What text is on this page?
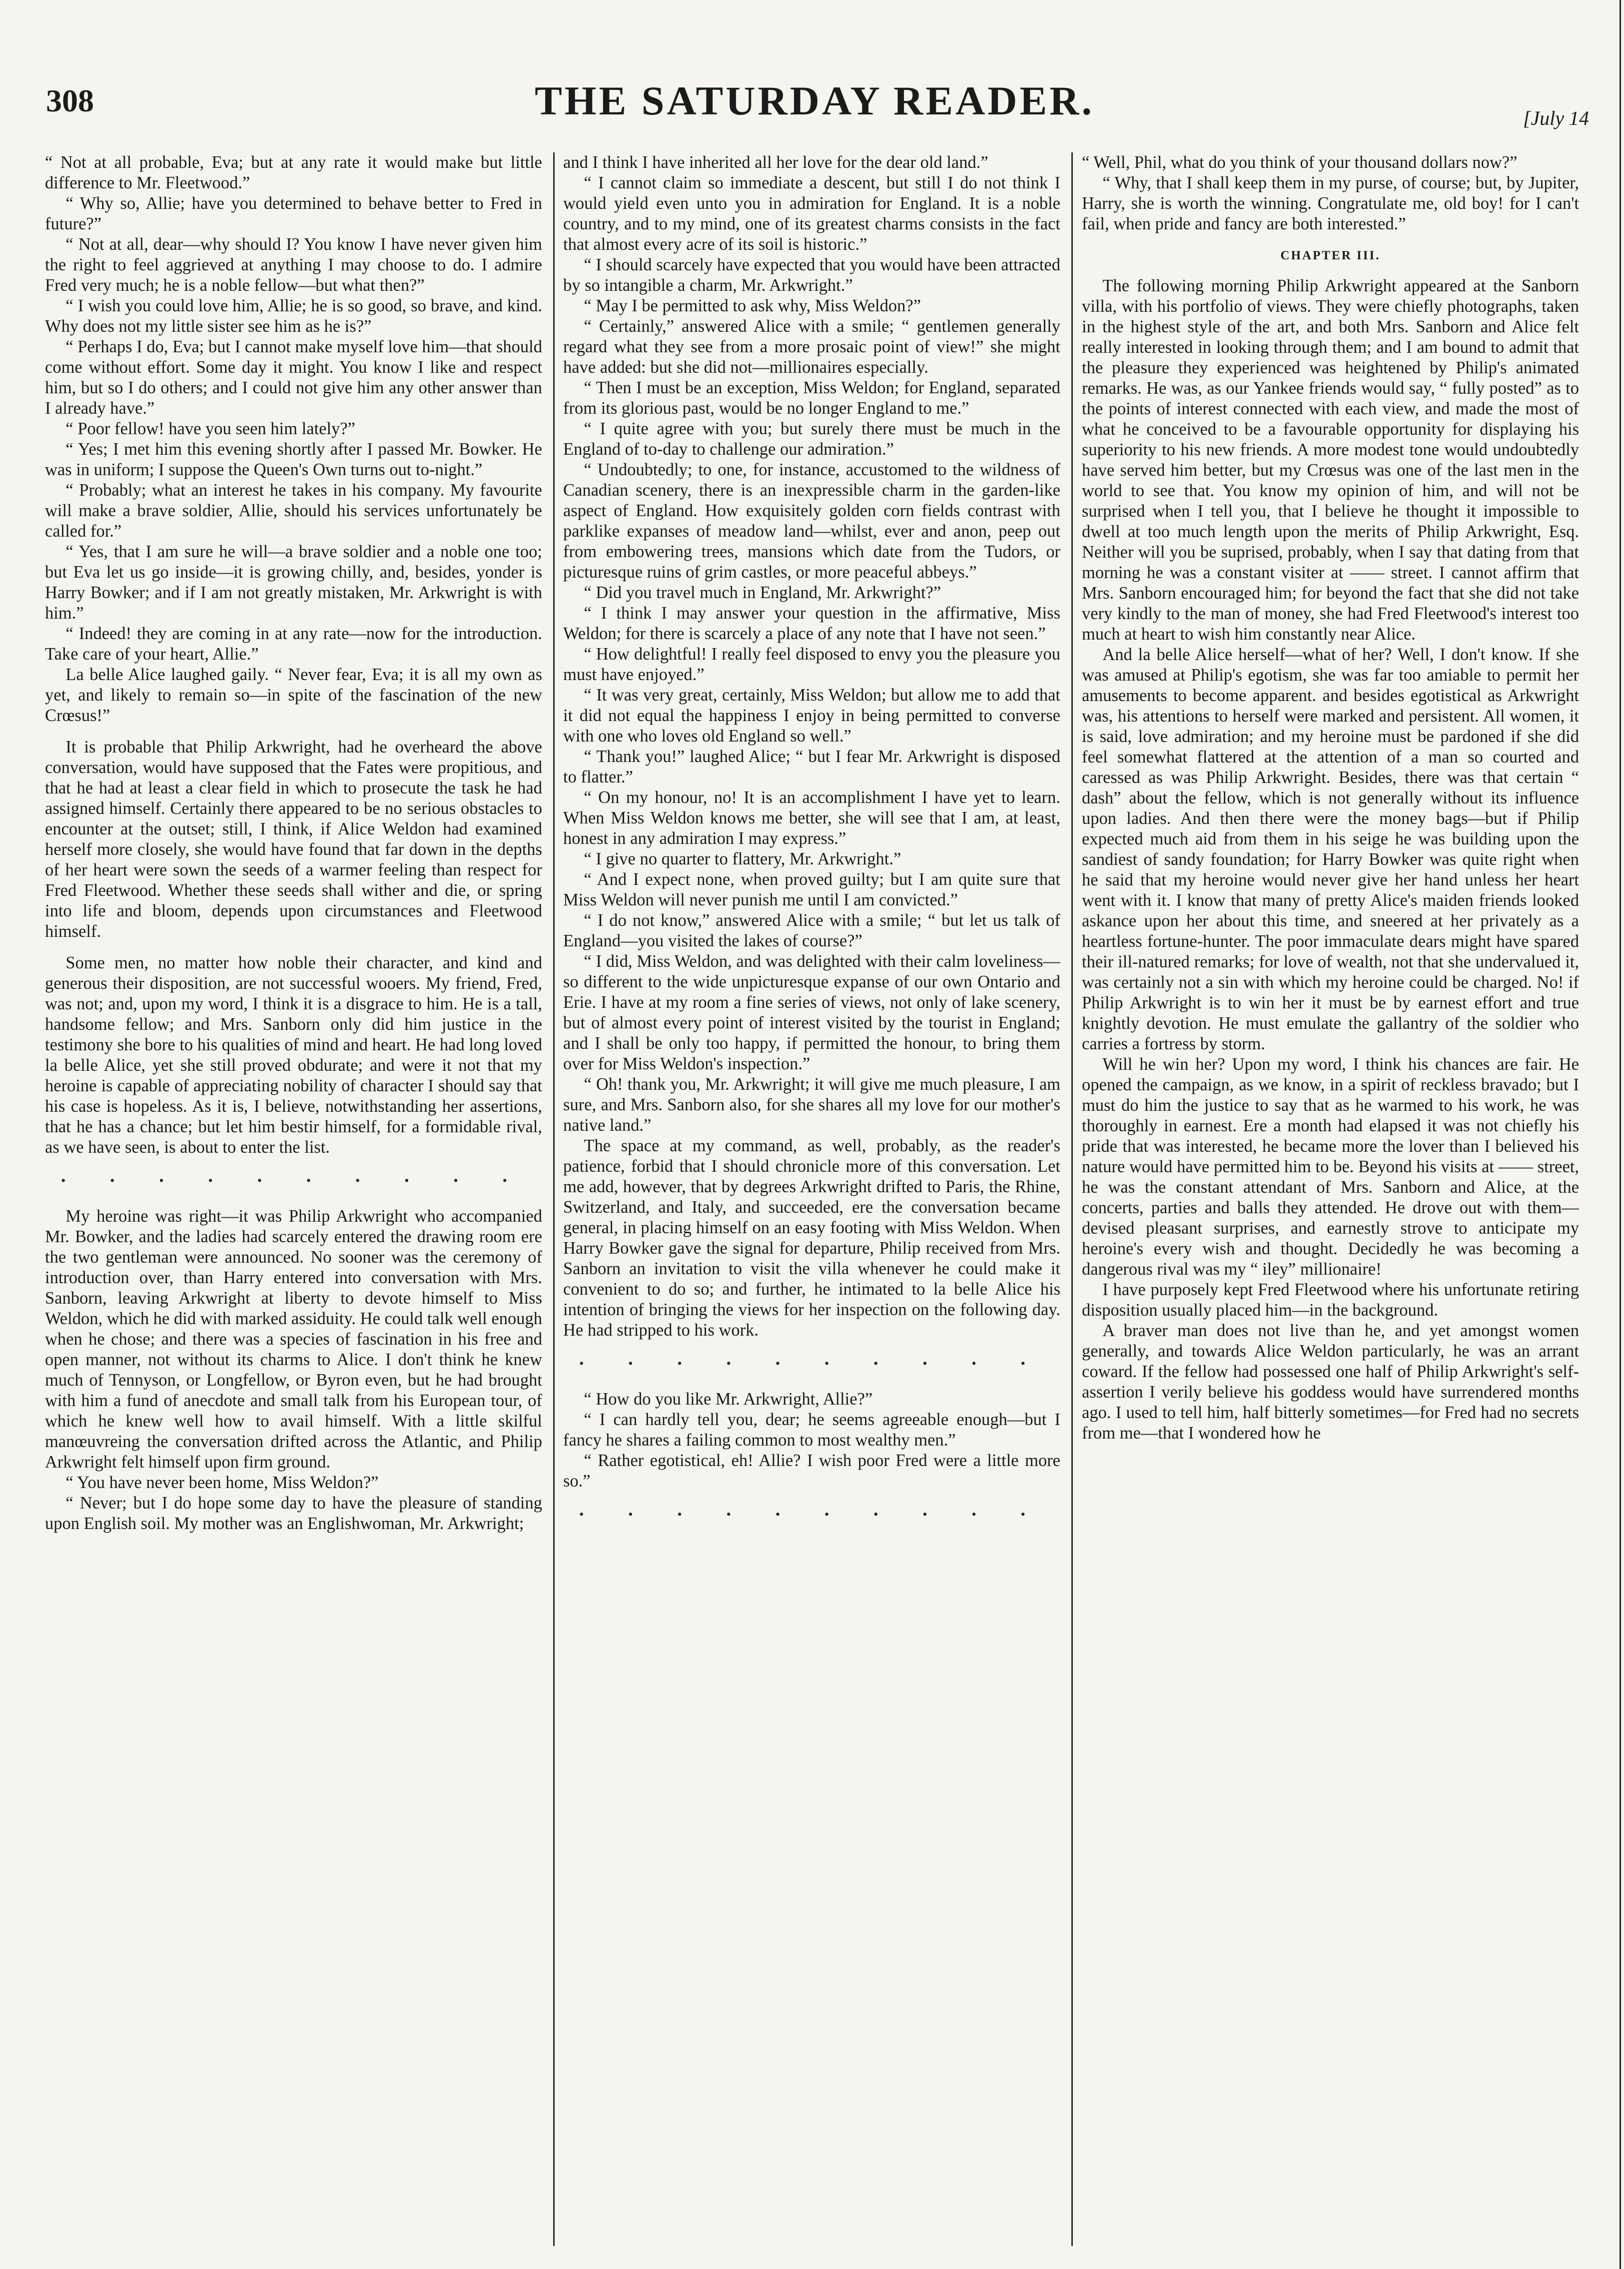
308	THE SATURDAY READER.	[July 14

“ Not at all probable, Eva; but at any rate it would make but little difference to Mr. Fleetwood.”

“ Why so, Allie; have you determined to behave better to Fred in future?”

“ Not at all, dear—why should I? You know I have never given him the right to feel aggrieved at anything I may choose to do. I admire Fred very much; he is a noble fellow—but what then?”

“ I wish you could love him, Allie; he is so good, so brave, and kind. Why does not my little sister see him as he is?”

“ Perhaps I do, Eva; but I cannot make myself love him—that should come without effort. Some day it might. You know I like and respect him, but so I do others; and I could not give him any other answer than I already have.”

“ Poor fellow! have you seen him lately?”

“ Yes; I met him this evening shortly after I passed Mr. Bowker. He was in uniform; I suppose the Queen's Own turns out to-night.”

“ Probably; what an interest he takes in his company. My favourite will make a brave soldier, Allie, should his services unfortunately be called for.”

“ Yes, that I am sure he will—a brave soldier and a noble one too; but Eva let us go inside—it is growing chilly, and, besides, yonder is Harry Bowker; and if I am not greatly mistaken, Mr. Arkwright is with him.”

“ Indeed! they are coming in at any rate—now for the introduction. Take care of your heart, Allie.”

La belle Alice laughed gaily. “ Never fear, Eva; it is all my own as yet, and likely to remain so—in spite of the fascination of the new Crœsus!”

It is probable that Philip Arkwright, had he overheard the above conversation, would have supposed that the Fates were propitious, and that he had at least a clear field in which to prosecute the task he had assigned himself. Certainly there appeared to be no serious obstacles to encounter at the outset; still, I think, if Alice Weldon had examined herself more closely, she would have found that far down in the depths of her heart were sown the seeds of a warmer feeling than respect for Fred Fleetwood. Whether these seeds shall wither and die, or spring into life and bloom, depends upon circumstances and Fleetwood himself.

Some men, no matter how noble their character, and kind and generous their disposition, are not successful wooers. My friend, Fred, was not; and, upon my word, I think it is a disgrace to him. He is a tall, handsome fellow; and Mrs. Sanborn only did him justice in the testimony she bore to his qualities of mind and heart. He had long loved la belle Alice, yet she still proved obdurate; and were it not that my heroine is capable of appreciating nobility of character I should say that his case is hopeless. As it is, I believe, notwithstanding her assertions, that he has a chance; but let him bestir himself, for a formidable rival, as we have seen, is about to enter the list.

· · · · · · · · · ·

My heroine was right—it was Philip Arkwright who accompanied Mr. Bowker, and the ladies had scarcely entered the drawing room ere the two gentleman were announced. No sooner was the ceremony of introduction over, than Harry entered into conversation with Mrs. Sanborn, leaving Arkwright at liberty to devote himself to Miss Weldon, which he did with marked assiduity. He could talk well enough when he chose; and there was a species of fascination in his free and open manner, not without its charms to Alice. I don't think he knew much of Tennyson, or Longfellow, or Byron even, but he had brought with him a fund of anecdote and small talk from his European tour, of which he knew well how to avail himself. With a little skilful manœuvreing the conversation drifted across the Atlantic, and Philip Arkwright felt himself upon firm ground.

“ You have never been home, Miss Weldon?”

“ Never; but I do hope some day to have the pleasure of standing upon English soil. My mother was an Englishwoman, Mr. Arkwright;

and I think I have inherited all her love for the dear old land.”

“ I cannot claim so immediate a descent, but still I do not think I would yield even unto you in admiration for England. It is a noble country, and to my mind, one of its greatest charms consists in the fact that almost every acre of its soil is historic.”

“ I should scarcely have expected that you would have been attracted by so intangible a charm, Mr. Arkwright.”

“ May I be permitted to ask why, Miss Weldon?”

“ Certainly,” answered Alice with a smile; “ gentlemen generally regard what they see from a more prosaic point of view!” she might have added: but she did not—millionaires especially.

“ Then I must be an exception, Miss Weldon; for England, separated from its glorious past, would be no longer England to me.”

“ I quite agree with you; but surely there must be much in the England of to-day to challenge our admiration.”

“ Undoubtedly; to one, for instance, accustomed to the wildness of Canadian scenery, there is an inexpressible charm in the garden-like aspect of England. How exquisitely golden corn fields contrast with parklike expanses of meadow land—whilst, ever and anon, peep out from embowering trees, mansions which date from the Tudors, or picturesque ruins of grim castles, or more peaceful abbeys.”

“ Did you travel much in England, Mr. Arkwright?”

“ I think I may answer your question in the affirmative, Miss Weldon; for there is scarcely a place of any note that I have not seen.”

“ How delightful! I really feel disposed to envy you the pleasure you must have enjoyed.”

“ It was very great, certainly, Miss Weldon; but allow me to add that it did not equal the happiness I enjoy in being permitted to converse with one who loves old England so well.”

“ Thank you!” laughed Alice; “ but I fear Mr. Arkwright is disposed to flatter.”

“ On my honour, no! It is an accomplishment I have yet to learn. When Miss Weldon knows me better, she will see that I am, at least, honest in any admiration I may express.”

“ I give no quarter to flattery, Mr. Arkwright.”

“ And I expect none, when proved guilty; but I am quite sure that Miss Weldon will never punish me until I am convicted.”

“ I do not know,” answered Alice with a smile; “ but let us talk of England—you visited the lakes of course?”

“ I did, Miss Weldon, and was delighted with their calm loveliness—so different to the wide unpicturesque expanse of our own Ontario and Erie. I have at my room a fine series of views, not only of lake scenery, but of almost every point of interest visited by the tourist in England; and I shall be only too happy, if permitted the honour, to bring them over for Miss Weldon's inspection.”

“ Oh! thank you, Mr. Arkwright; it will give me much pleasure, I am sure, and Mrs. Sanborn also, for she shares all my love for our mother's native land.”

The space at my command, as well, probably, as the reader's patience, forbid that I should chronicle more of this conversation. Let me add, however, that by degrees Arkwright drifted to Paris, the Rhine, Switzerland, and Italy, and succeeded, ere the conversation became general, in placing himself on an easy footing with Miss Weldon. When Harry Bowker gave the signal for departure, Philip received from Mrs. Sanborn an invitation to visit the villa whenever he could make it convenient to do so; and further, he intimated to la belle Alice his intention of bringing the views for her inspection on the following day. He had stripped to his work.

· · · · · · · · · ·

“ How do you like Mr. Arkwright, Allie?”

“ I can hardly tell you, dear; he seems agreeable enough—but I fancy he shares a failing common to most wealthy men.”

“ Rather egotistical, eh! Allie? I wish poor Fred were a little more so.”

· · · · · · · · · ·

“ Well, Phil, what do you think of your thousand dollars now?”

“ Why, that I shall keep them in my purse, of course; but, by Jupiter, Harry, she is worth the winning. Congratulate me, old boy! for I can't fail, when pride and fancy are both interested.”

CHAPTER III.

The following morning Philip Arkwright appeared at the Sanborn villa, with his portfolio of views. They were chiefly photographs, taken in the highest style of the art, and both Mrs. Sanborn and Alice felt really interested in looking through them; and I am bound to admit that the pleasure they experienced was heightened by Philip's animated remarks. He was, as our Yankee friends would say, “ fully posted” as to the points of interest connected with each view, and made the most of what he conceived to be a favourable opportunity for displaying his superiority to his new friends. A more modest tone would undoubtedly have served him better, but my Crœsus was one of the last men in the world to see that. You know my opinion of him, and will not be surprised when I tell you, that I believe he thought it impossible to dwell at too much length upon the merits of Philip Arkwright, Esq. Neither will you be suprised, probably, when I say that dating from that morning he was a constant visiter at —— street. I cannot affirm that Mrs. Sanborn encouraged him; for beyond the fact that she did not take very kindly to the man of money, she had Fred Fleetwood's interest too much at heart to wish him constantly near Alice.

And la belle Alice herself—what of her? Well, I don't know. If she was amused at Philip's egotism, she was far too amiable to permit her amusements to become apparent. and besides egotistical as Arkwright was, his attentions to herself were marked and persistent. All women, it is said, love admiration; and my heroine must be pardoned if she did feel somewhat flattered at the attention of a man so courted and caressed as was Philip Arkwright. Besides, there was that certain “ dash” about the fellow, which is not generally without its influence upon ladies. And then there were the money bags—but if Philip expected much aid from them in his seige he was building upon the sandiest of sandy foundation; for Harry Bowker was quite right when he said that my heroine would never give her hand unless her heart went with it. I know that many of pretty Alice's maiden friends looked askance upon her about this time, and sneered at her privately as a heartless fortune-hunter. The poor immaculate dears might have spared their ill-natured remarks; for love of wealth, not that she undervalued it, was certainly not a sin with which my heroine could be charged. No! if Philip Arkwright is to win her it must be by earnest effort and true knightly devotion. He must emulate the gallantry of the soldier who carries a fortress by storm.

Will he win her? Upon my word, I think his chances are fair. He opened the campaign, as we know, in a spirit of reckless bravado; but I must do him the justice to say that as he warmed to his work, he was thoroughly in earnest. Ere a month had elapsed it was not chiefly his pride that was interested, he became more the lover than I believed his nature would have permitted him to be. Beyond his visits at —— street, he was the constant attendant of Mrs. Sanborn and Alice, at the concerts, parties and balls they attended. He drove out with them—devised pleasant surprises, and earnestly strove to anticipate my heroine's every wish and thought. Decidedly he was becoming a dangerous rival was my “ iley” millionaire!

I have purposely kept Fred Fleetwood where his unfortunate retiring disposition usually placed him—in the background.

A braver man does not live than he, and yet amongst women generally, and towards Alice Weldon particularly, he was an arrant coward. If the fellow had possessed one half of Philip Arkwright's self-assertion I verily believe his goddess would have surrendered months ago. I used to tell him, half bitterly sometimes—for Fred had no secrets from me—that I wondered how he
